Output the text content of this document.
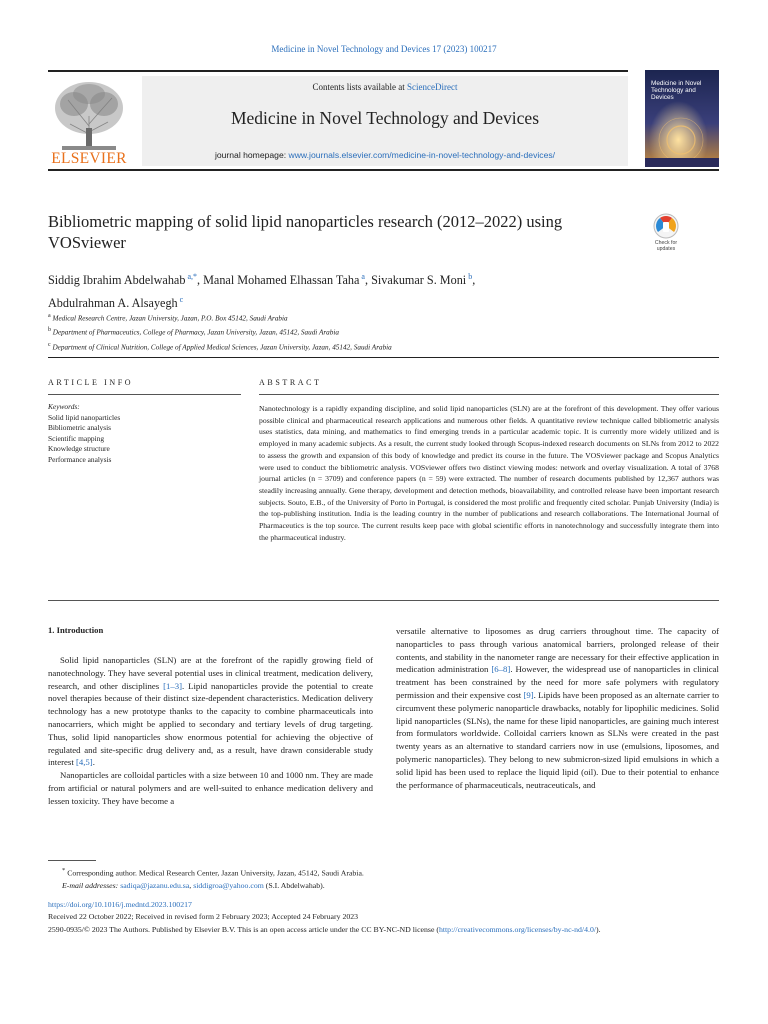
Medicine in Novel Technology and Devices 17 (2023) 100217
ELSEVIER
Contents lists available at ScienceDirect
Medicine in Novel Technology and Devices
journal homepage: www.journals.elsevier.com/medicine-in-novel-technology-and-devices/
Medicine in Novel Technology and Devices
Bibliometric mapping of solid lipid nanoparticles research (2012–2022) using VOSviewer	Check for updates
Siddig Ibrahim Abdelwahab $^{a,*}$, Manal Mohamed Elhassan Taha $^a$, Sivakumar S. Moni $^b$,
Abdulrahman A. Alsayegh $^c$
$^a$ Medical Research Centre, Jazan University, Jazan, P.O. Box 45142, Saudi Arabia
$^b$ Department of Pharmaceutics, College of Pharmacy, Jazan University, Jazan, 45142, Saudi Arabia
$^c$ Department of Clinical Nutrition, College of Applied Medical Sciences, Jazan University, Jazan, 45142, Saudi Arabia
ARTICLE INFO	ABSTRACT
Keywords:
Solid lipid nanoparticles
Bibliometric analysis
Scientific mapping
Knowledge structure
Performance analysis
Nanotechnology is a rapidly expanding discipline, and solid lipid nanoparticles (SLN) are at the forefront of this development. They offer various possible clinical and pharmaceutical research applications and numerous other fields. A quantitative review technique called bibliometric analysis uses statistics, data mining, and mathematics to find emerging trends in a particular academic topic. It is currently more widely utilized and is employed in many academic subjects. As a result, the current study looked through Scopus-indexed research documents on SLNs from 2012 to 2022 to assess the growth and expansion of this body of knowledge and predict its course in the future. The VOSviewer package and Scopus Analytics were used to conduct the bibliometric analysis. VOSviewer offers two distinct viewing modes: network and overlay visualization. A total of 3768 journal articles (n = 3709) and conference papers (n = 59) were extracted. The number of research documents published by 12,367 authors was steadily increasing annually. Gene therapy, development and detection methods, bioavailability, and controlled release have been important research subjects. Souto, E.B., of the University of Porto in Portugal, is considered the most prolific and frequently cited scholar. Punjab University (India) is the top-publishing institution. India is the leading country in the number of publications and research collaborations. The International Journal of Pharmaceutics is the top source. The current results keep pace with global scientific efforts in nanotechnology and successfully integrate them into the pharmaceutical industry.
1. Introduction

Solid lipid nanoparticles (SLN) are at the forefront of the rapidly growing field of nanotechnology. They have several potential uses in clinical treatment, medication delivery, research, and other disciplines [1–3]. Lipid nanoparticles provide the potential to create novel therapies because of their distinct size-dependent characteristics. Medication delivery technology has a new prototype thanks to the capacity to combine pharmaceuticals into nanocarriers, which might be applied to secondary and tertiary levels of drug targeting. Thus, solid lipid nanoparticles show enormous potential for achieving the objective of regulated and site-specific drug delivery and, as a result, have drawn considerable study interest [4,5].

Nanoparticles are colloidal particles with a size between 10 and 1000 nm. They are made from artificial or natural polymers and are well-suited to enhance medication delivery and lessen toxicity. They have become a

versatile alternative to liposomes as drug carriers throughout time. The capacity of nanoparticles to pass through various anatomical barriers, prolonged release of their contents, and stability in the nanometer range are necessary for their effective application in medication administration [6–8]. However, the widespread use of nanoparticles in clinical treatment has been constrained by the need for more safe polymers with regulatory permission and their expensive cost [9]. Lipids have been proposed as an alternate carrier to circumvent these polymeric nanoparticle drawbacks, notably for lipophilic medicines. Solid lipid nanoparticles (SLNs), the name for these lipid nanoparticles, are gaining much interest from formulators worldwide. Colloidal carriers known as SLNs were created in the past twenty years as an alternative to standard carriers now in use (emulsions, liposomes, and polymeric nanoparticles). They belong to new submicron-sized lipid emulsions in which a solid lipid has been used to replace the liquid lipid (oil). Due to their potential to enhance the performance of pharmaceuticals, neutraceuticals, and

* Corresponding author. Medical Research Center, Jazan University, Jazan, 45142, Saudi Arabia.
E-mail addresses: sadiqa@jazanu.edu.sa, siddigroa@yahoo.com (S.I. Abdelwahab).
https://doi.org/10.1016/j.medntd.2023.100217
Received 22 October 2022; Received in revised form 2 February 2023; Accepted 24 February 2023
2590-0935/© 2023 The Authors. Published by Elsevier B.V. This is an open access article under the CC BY-NC-ND license (http://creativecommons.org/licenses/by-nc-nd/4.0/).
